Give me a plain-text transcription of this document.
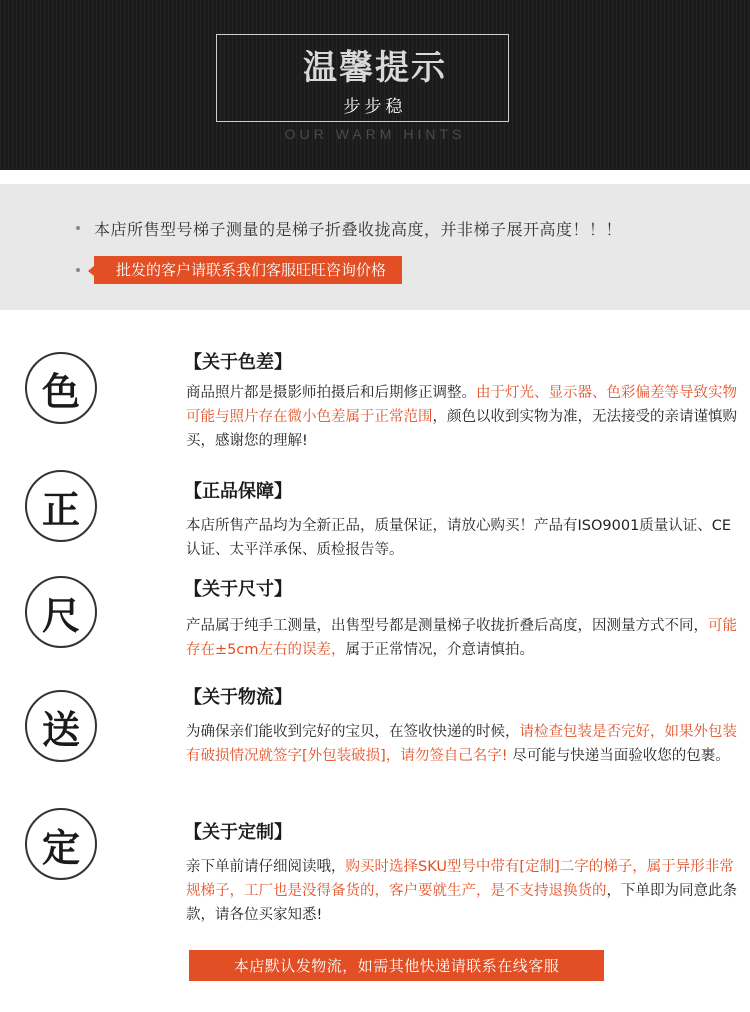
温馨提示
步步稳
OUR WARM HINTS
本店所售型号梯子测量的是梯子折叠收拢高度，并非梯子展开高度！！！
批发的客户请联系我们客服旺旺咨询价格
色
【关于色差】
商品照片都是摄影师拍摄后和后期修正调整。由于灯光、显示器、色彩偏差等导致实物可能与照片存在微小色差属于正常范围，颜色以收到实物为准，无法接受的亲请谨慎购买，感谢您的理解!
正	【正品保障】
本店所售产品均为全新正品，质量保证，请放心购买！产品有ISO9001质量认证、CE认证、太平洋承保、质检报告等。
尺
【关于尺寸】
产品属于纯手工测量，出售型号都是测量梯子收拢折叠后高度，因测量方式不同，可能存在±5cm左右的误差，属于正常情况，介意请慎拍。
送
【关于物流】
为确保亲们能收到完好的宝贝，在签收快递的时候，请检查包装是否完好，如果外包装有破损情况就签字[外包装破损]，请勿签自己名字! 尽可能与快递当面验收您的包裹。
定	【关于定制】
亲下单前请仔细阅读哦，购买时选择SKU型号中带有[定制]二字的梯子，属于异形非常规梯子，工厂也是没得备货的，客户要就生产，是不支持退换货的，下单即为同意此条款，请各位买家知悉!
本店默认发物流，如需其他快递请联系在线客服
